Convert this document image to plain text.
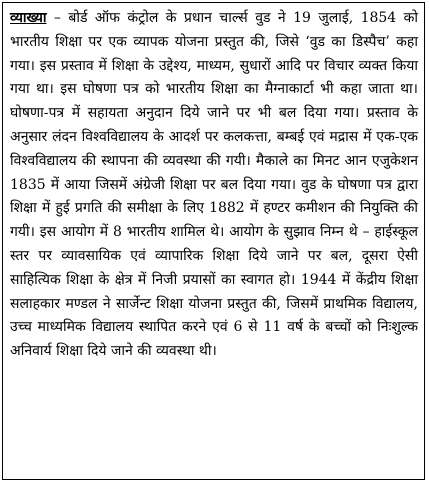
व्याख्या – बोर्ड ऑफ कंट्रोल के प्रधान चार्ल्स वुड ने 19 जुलाई, 1854 को भारतीय शिक्षा पर एक व्यापक योजना प्रस्तुत की, जिसे ‘वुड का डिस्पैच’ कहा गया। इस प्रस्ताव में शिक्षा के उद्देश्य, माध्यम, सुधारों आदि पर विचार व्यक्त किया गया था। इस घोषणा पत्र को भारतीय शिक्षा का मैग्नाकार्टा भी कहा जाता था। घोषणा-पत्र में सहायता अनुदान दिये जाने पर भी बल दिया गया। प्रस्ताव के अनुसार लंदन विश्वविद्यालय के आदर्श पर कलकत्ता, बम्बई एवं मद्रास में एक-एक विश्वविद्यालय की स्थापना की व्यवस्था की गयी। मैकाले का मिनट आन एजुकेशन 1835 में आया जिसमें अंग्रेजी शिक्षा पर बल दिया गया। वुड के घोषणा पत्र द्वारा शिक्षा में हुई प्रगति की समीक्षा के लिए 1882 में हण्टर कमीशन की नियुक्ति की गयी। इस आयोग में 8 भारतीय शामिल थे। आयोग के सुझाव निम्न थे – हाईस्कूल स्तर पर व्यावसायिक एवं व्यापारिक शिक्षा दिये जाने पर बल, दूसरा ऐसी साहित्यिक शिक्षा के क्षेत्र में निजी प्रयासों का स्वागत हो। 1944 में केंद्रीय शिक्षा सलाहकार मण्डल ने सार्जेन्ट शिक्षा योजना प्रस्तुत की, जिसमें प्राथमिक विद्यालय, उच्च माध्यमिक विद्यालय स्थापित करने एवं 6 से 11 वर्ष के बच्चों को निःशुल्क अनिवार्य शिक्षा दिये जाने की व्यवस्था थी।
